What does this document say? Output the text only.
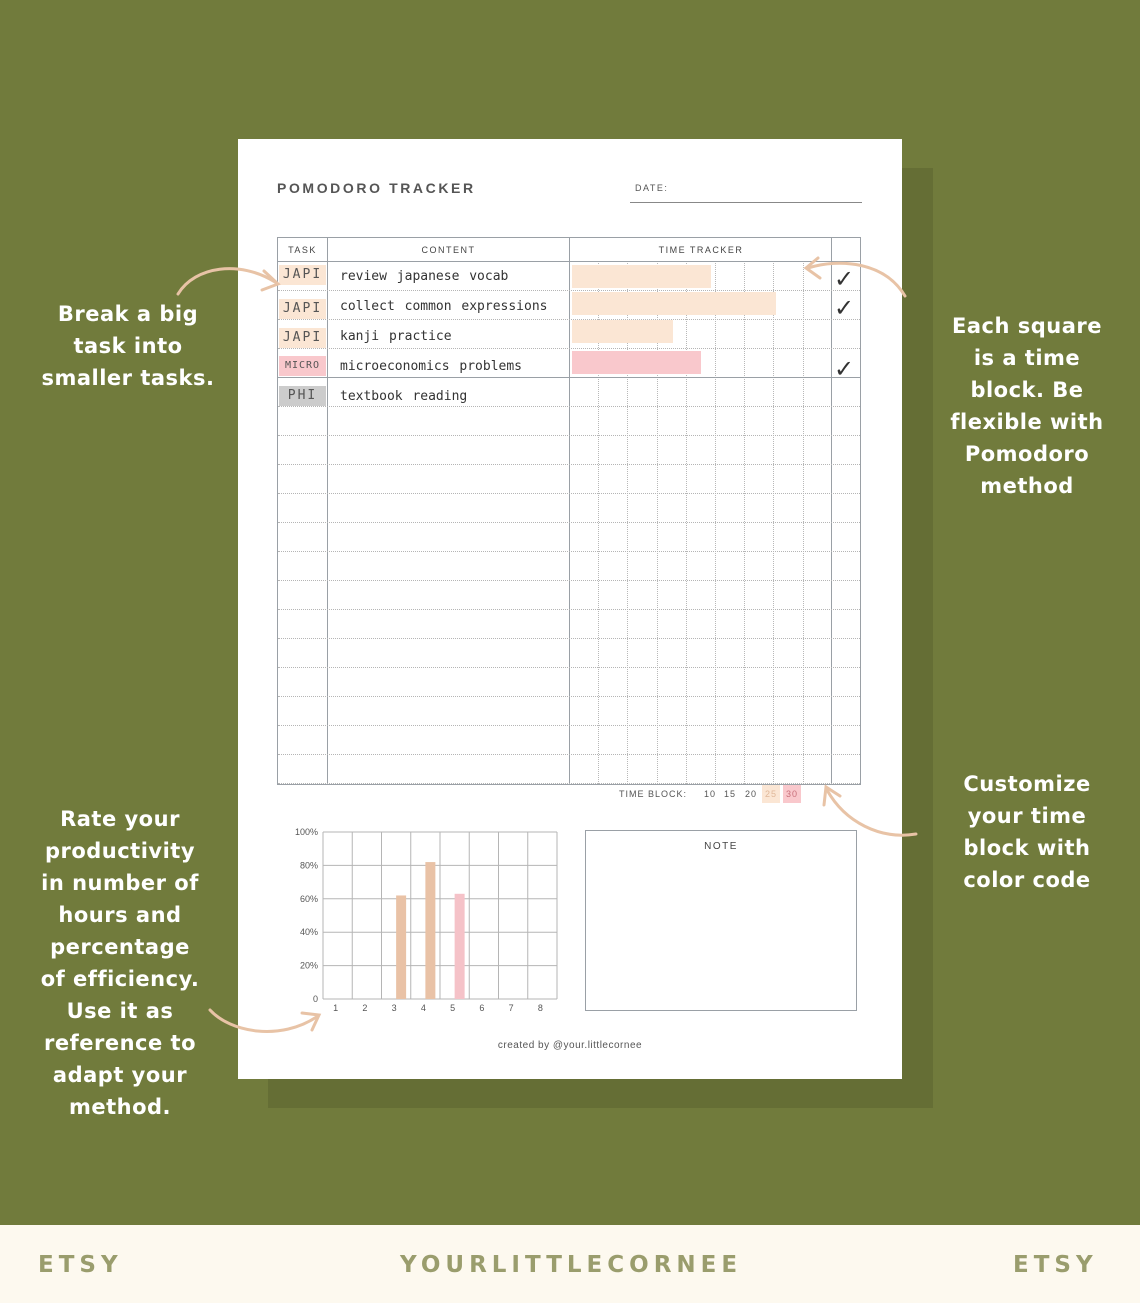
Break a big
task into
smaller tasks.
Each square
is a time
block. Be
flexible with
Pomodoro
method
Customize
your time
block with
color code
Rate your
productivity
in number of
hours and
percentage
of efficiency.
Use it as
reference to
adapt your
method.
POMODORO TRACKER	DATE:
TASK	CONTENT	TIME TRACKER
JAPI review japanese vocab	✓
JAPI collect common expressions	✓
JAPI kanji practice
MICRO	microeconomics problems	✓
PHI	textbook reading
TIME BLOCK: 10 15 20 25 30
0
20%
40%
60%
80%
100%
1	2	3	4	5	6	7	8
NOTE
created by @your.littlecornee
ETSY	YOURLITTLECORNEE	ETSY
